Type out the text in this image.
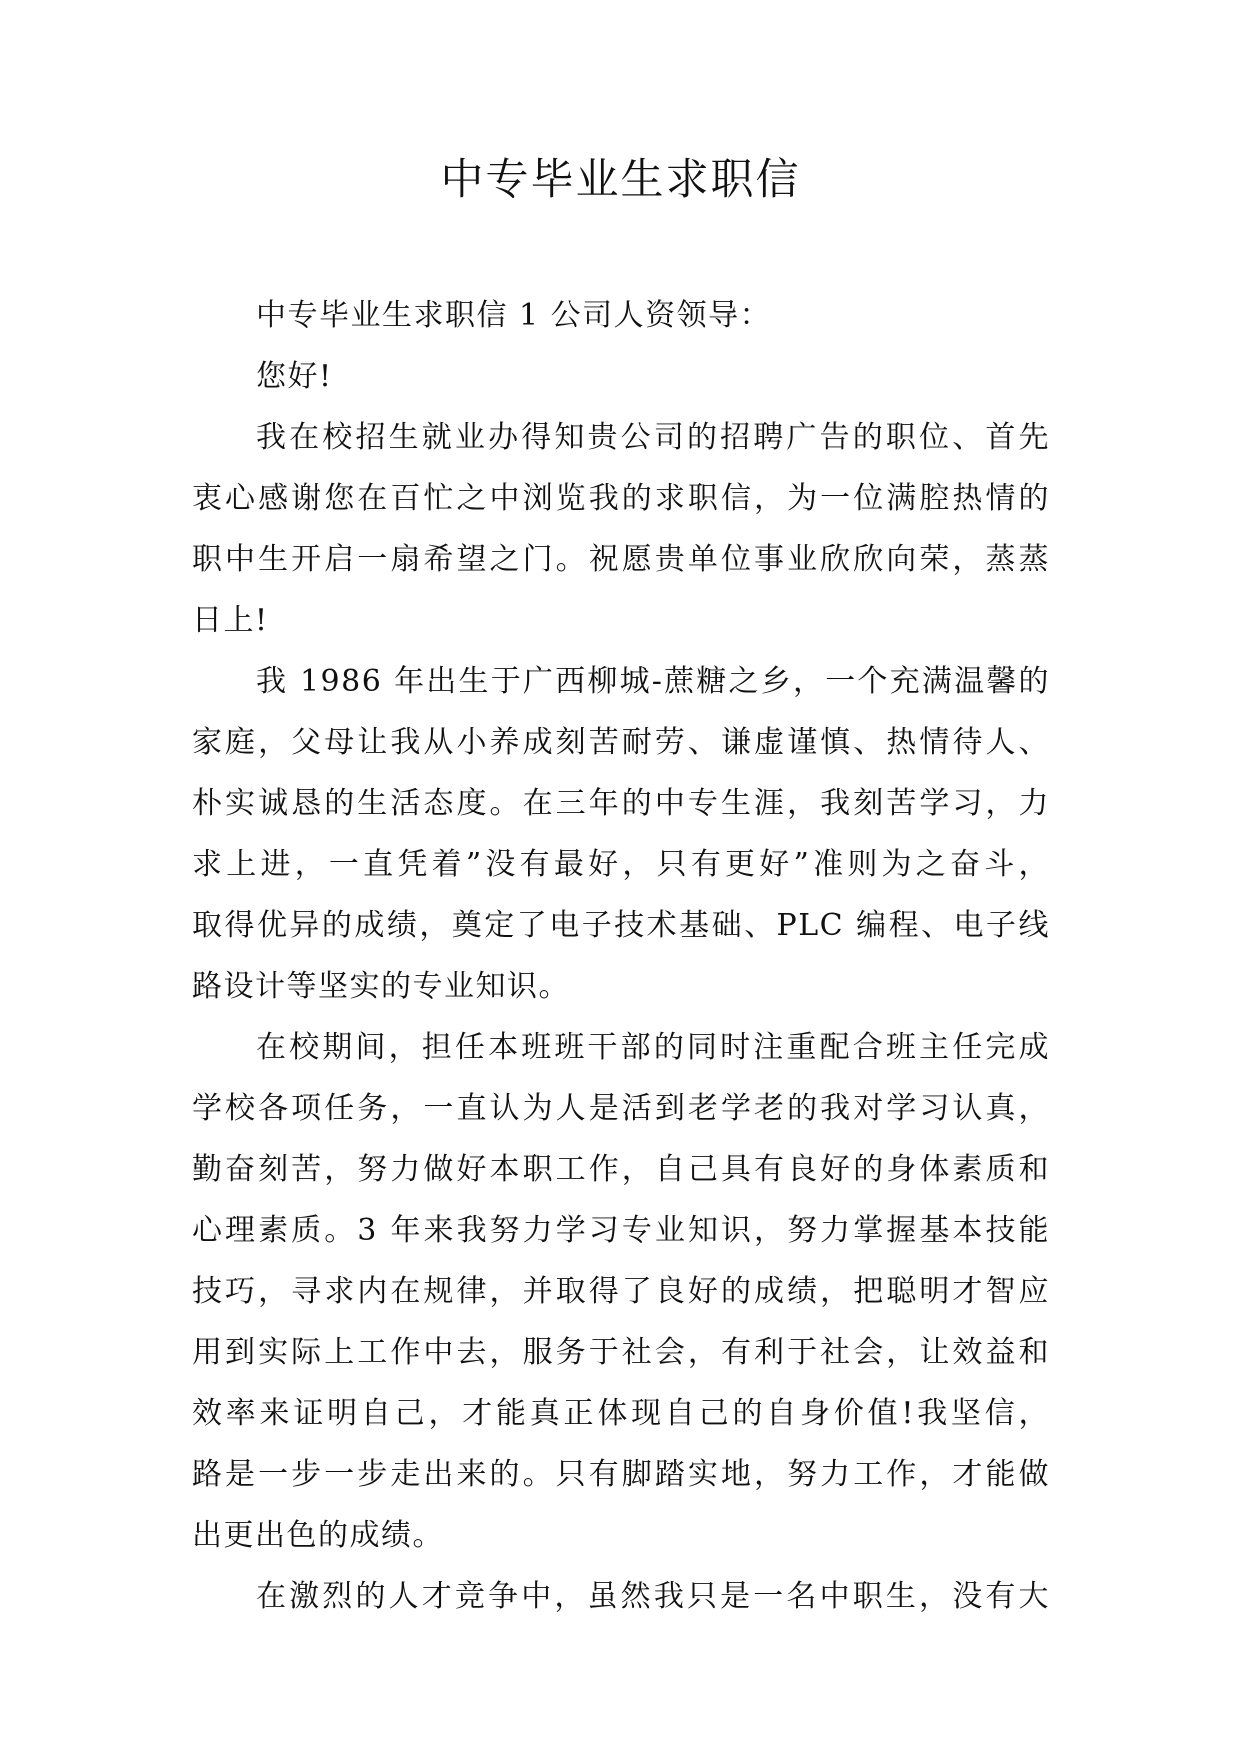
中专毕业生求职信
中专毕业生求职信 1 公司人资领导：
您好!
我在校招生就业办得知贵公司的招聘广告的职位、首先
衷心感谢您在百忙之中浏览我的求职信，为一位满腔热情的
职中生开启一扇希望之门。祝愿贵单位事业欣欣向荣，蒸蒸
日上!
我 1986 年出生于广西柳城-蔗糖之乡，一个充满温馨的
家庭，父母让我从小养成刻苦耐劳、谦虚谨慎、热情待人、
朴实诚恳的生活态度。在三年的中专生涯，我刻苦学习，力
求上进，一直凭着”没有最好，只有更好”准则为之奋斗，
取得优异的成绩，奠定了电子技术基础、PLC 编程、电子线
路设计等坚实的专业知识。
在校期间，担任本班班干部的同时注重配合班主任完成
学校各项任务，一直认为人是活到老学老的我对学习认真，
勤奋刻苦，努力做好本职工作，自己具有良好的身体素质和
心理素质。3 年来我努力学习专业知识，努力掌握基本技能
技巧，寻求内在规律，并取得了良好的成绩，把聪明才智应
用到实际上工作中去，服务于社会，有利于社会，让效益和
效率来证明自己，才能真正体现自己的自身价值!我坚信，
路是一步一步走出来的。只有脚踏实地，努力工作，才能做
出更出色的成绩。
在激烈的人才竞争中，虽然我只是一名中职生，没有大
